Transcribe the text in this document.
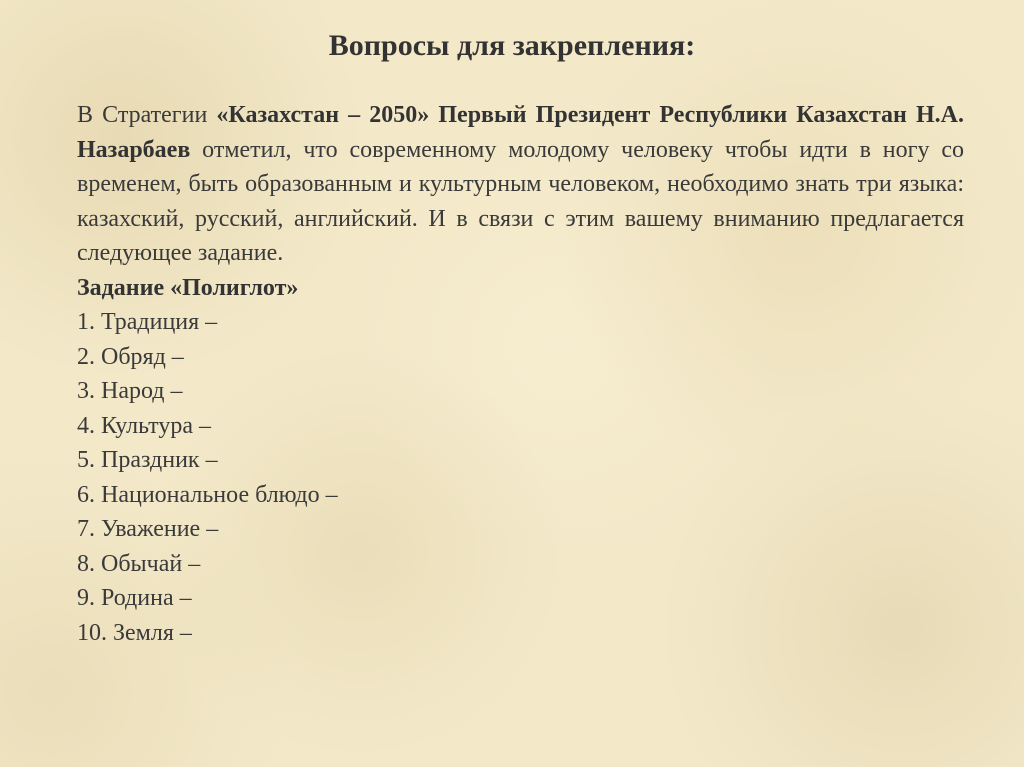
Вопросы для закрепления:

В Стратегии «Казахстан – 2050» Первый Президент Республики Казахстан Н.А. Назарбаев отметил, что современному молодому человеку чтобы идти в ногу со временем, быть образованным и культурным человеком, необходимо знать три языка: казахский, русский, английский. И в связи с этим вашему вниманию предлагается следующее задание.

Задание «Полиглот»

1. Традиция –
2. Обряд –
3. Народ –
4. Культура –
5. Праздник –
6. Национальное блюдо –
7. Уважение –
8. Обычай –
9. Родина –
10. Земля –
